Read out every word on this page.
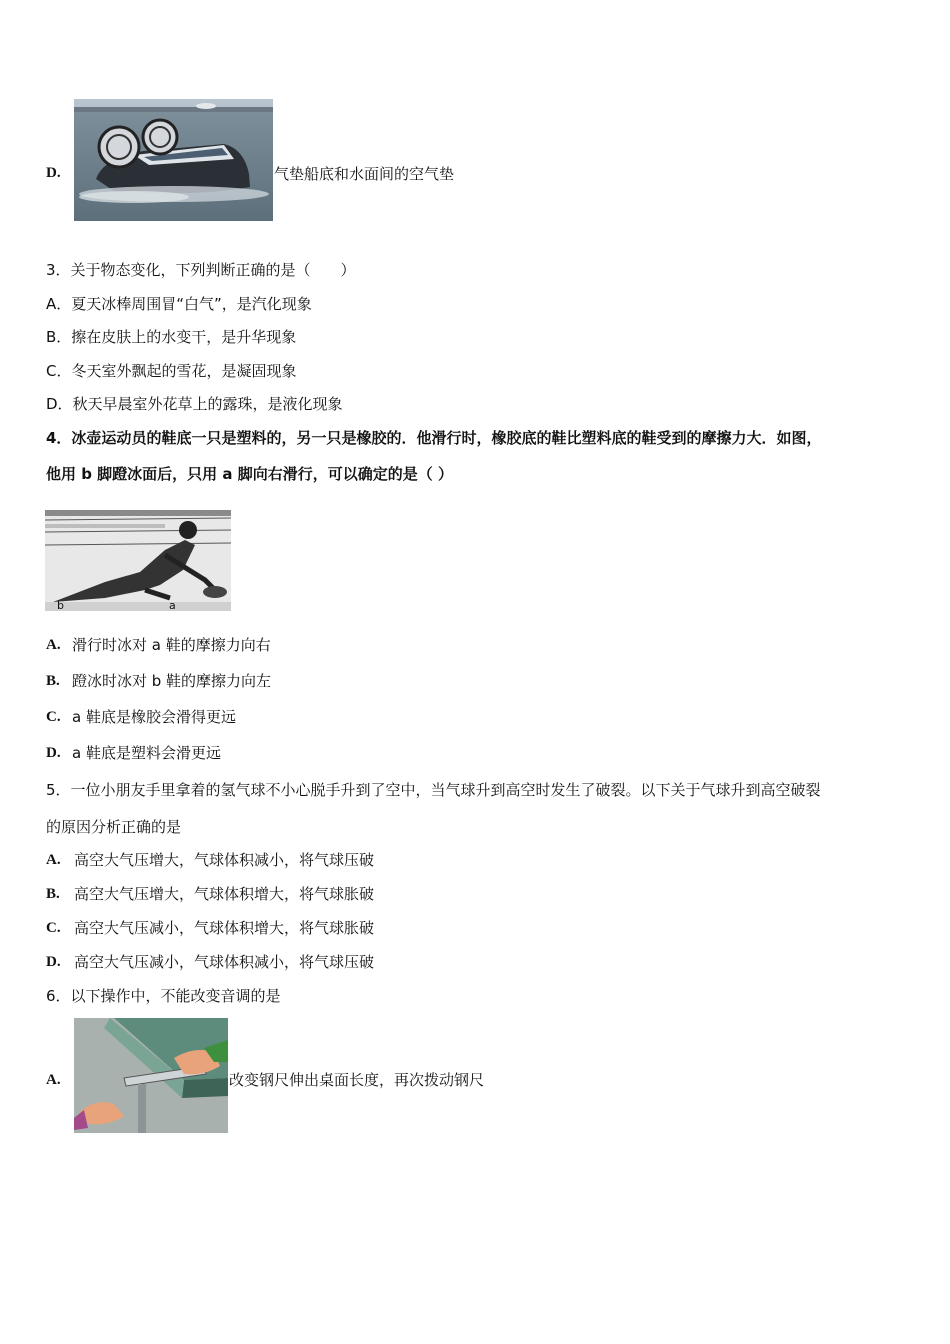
D.	气垫船底和水面间的空气垫
3．关于物态变化，下列判断正确的是（　　）
A．夏天冰棒周围冒“白气”，是汽化现象
B．擦在皮肤上的水变干，是升华现象
C．冬天室外飘起的雪花，是凝固现象
D．秋天早晨室外花草上的露珠，是液化现象
4．冰壶运动员的鞋底一只是塑料的，另一只是橡胶的．他滑行时，橡胶底的鞋比塑料底的鞋受到的摩擦力大．如图，
他用 b 脚蹬冰面后，只用 a 脚向右滑行，可以确定的是（ ）
b	a
A. 滑行时冰对 a 鞋的摩擦力向右
B. 蹬冰时冰对 b 鞋的摩擦力向左
C. a 鞋底是橡胶会滑得更远
D. a 鞋底是塑料会滑更远
5．一位小朋友手里拿着的氢气球不小心脱手升到了空中，当气球升到高空时发生了破裂。以下关于气球升到高空破裂
的原因分析正确的是
A. 高空大气压增大，气球体积减小，将气球压破
B. 高空大气压增大，气球体积增大，将气球胀破
C. 高空大气压减小，气球体积增大，将气球胀破
D. 高空大气压减小，气球体积减小，将气球压破
6．以下操作中，不能改变音调的是
A.	改变钢尺伸出桌面长度，再次拨动钢尺
